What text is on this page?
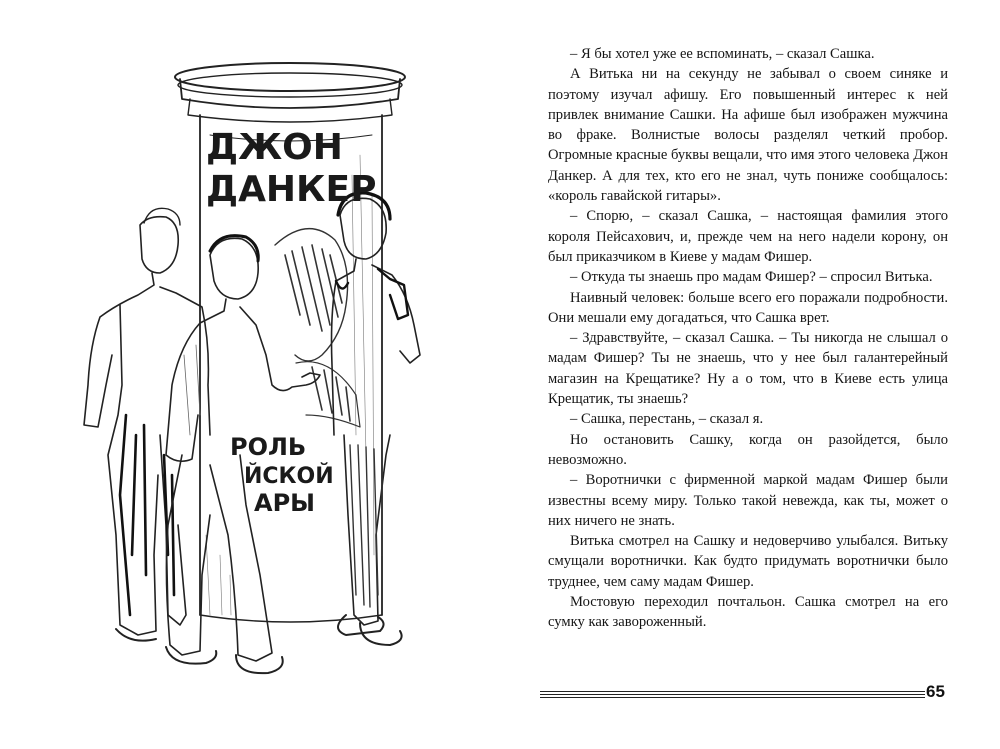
ДЖОН
ДАНКЕР
РОЛЬ
ЙСКОЙ
АРЫ

– Я бы хотел уже ее вспоминать, – сказал Сашка.

А Витька ни на секунду не забывал о своем синяке и поэтому изучал афишу. Его повышенный интерес к ней привлек внимание Сашки. На афише был изображен мужчина во фраке. Волнистые волосы разделял четкий пробор. Огромные красные буквы вещали, что имя этого человека Джон Данкер. А для тех, кто его не знал, чуть пониже сообщалось: «король гавайской гитары».

– Спорю, – сказал Сашка, – настоящая фамилия этого короля Пейсахович, и, прежде чем на него надели корону, он был приказчиком в Киеве у мадам Фишер.

– Откуда ты знаешь про мадам Фишер? – спросил Витька.

Наивный человек: больше всего его поражали подробности. Они мешали ему догадаться, что Сашка врет.

– Здравствуйте, – сказал Сашка. – Ты никогда не слышал о мадам Фишер? Ты не знаешь, что у нее был галантерейный магазин на Крещатике? Ну а о том, что в Киеве есть улица Крещатик, ты знаешь?

– Сашка, перестань, – сказал я.

Но остановить Сашку, когда он разойдется, было невозможно.

– Воротнички с фирменной маркой мадам Фишер были известны всему миру. Только такой невежда, как ты, может о них ничего не знать.

Витька смотрел на Сашку и недоверчиво улыбался. Витьку смущали воротнички. Как будто придумать воротнички было труднее, чем саму мадам Фишер.

Мостовую переходил почтальон. Сашка смотрел на его сумку как завороженный.

65
